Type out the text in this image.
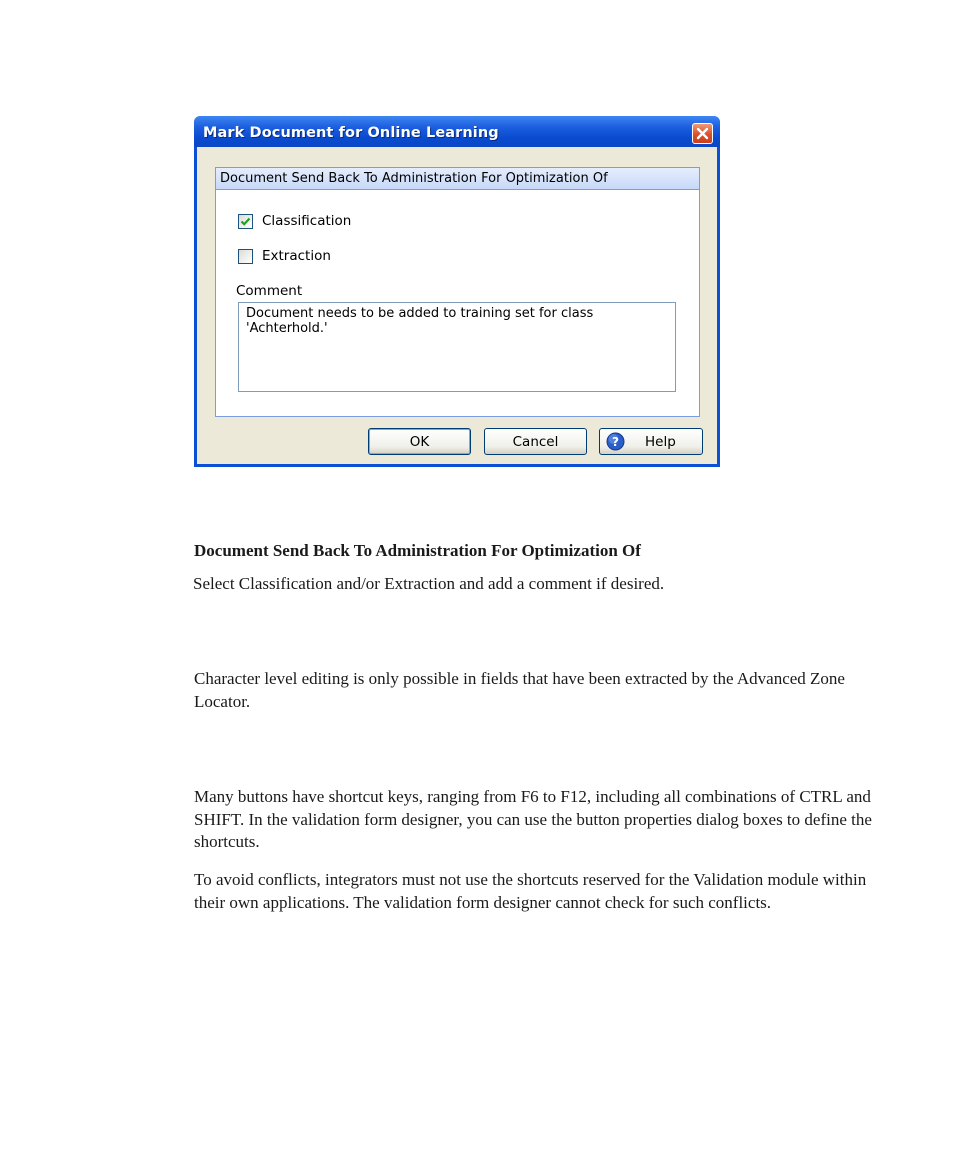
Mark Document for Online Learning
Document Send Back To Administration For Optimization Of
Classification
Extraction
Comment
Document needs to be added to training set for class 'Achterhold.'
OK	Cancel	? Help
Document Send Back To Administration For Optimization Of
Select Classification and/or Extraction and add a comment if desired.
Character level editing is only possible in fields that have been extracted by the Advanced Zone Locator.
Many buttons have shortcut keys, ranging from F6 to F12, including all combinations of CTRL and SHIFT. In the validation form designer, you can use the button properties dialog boxes to define the shortcuts.
To avoid conflicts, integrators must not use the shortcuts reserved for the Validation module within their own applications. The validation form designer cannot check for such conflicts.
